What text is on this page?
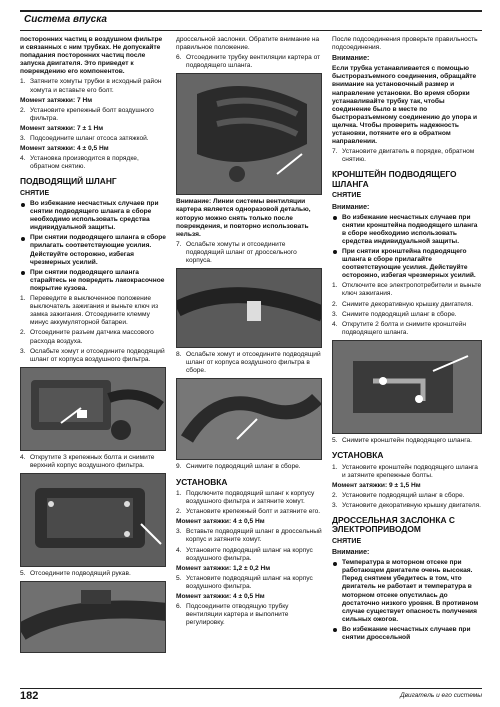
Система впуска

посторонних частиц в воздушном фильтре и связанных с ним трубках. Не допускайте попадания посторонних частиц после запуска двигателя. Это приведет к повреждению его компонентов.

1. Затяните хомуты трубки в исходный район хомута и вставьте его болт.

Момент затяжки: 7 Нм

2. Установите крепежный болт воздушного фильтра.

Момент затяжки: 7 ± 1 Нм

3. Подсоедините шланг отсоса затяжкой.

Момент затяжки: 4 ± 0,5 Нм

4. Установка производится в порядке, обратном снятию.
ПОДВОДЯЩИЙ ШЛАНГ
СНЯТИЕ
Во избежание несчастных случаев при снятии подводящего шланга в сборе необходимо использовать средства индивидуальной защиты.
При снятии подводящего шланга в сборе прилагать соответствующие усилия. Действуйте осторожно, избегая чрезмерных усилий.
При снятии подводящего шланга старайтесь не повредить лакокрасочное покрытие кузова.
1. Переведите в выключенное положение выключатель зажигания и выньте ключ из замка зажигания. Отсоедините клемму минус аккумуляторной батареи.
2. Отсоедините разъем датчика массового расхода воздуха.
3. Ослабьте хомут и отсоедините подводящий шланг от корпуса воздушного фильтра.
4. Открутите 3 крепежных болта и снимите верхний корпус воздушного фильтра.
5. Отсоедините подводящий рукав.

дроссельной заслонки. Обратите внимание на правильное положение.

6. Отсоедините трубку вентиляции картера от подводящего шланга.

Внимание: Линии системы вентиляции картера является одноразовой деталью, которую можно снять только после повреждения, и повторно использовать нельзя.

7. Ослабьте хомуты и отсоедините подводящий шланг от дроссельного корпуса.
8. Ослабьте хомут и отсоедините подводящий шланг от корпуса воздушного фильтра в сборе.
9. Снимите подводящий шланг в сборе.
УСТАНОВКА
1. Подключите подводящий шланг к корпусу воздушного фильтра и затяните хомут.
2. Установите крепежный болт и затяните его.

Момент затяжки: 4 ± 0,5 Нм

3. Вставьте подводящий шланг в дроссельный корпус и затяните хомут.
4. Установите подводящий шланг на корпус воздушного фильтра.

Момент затяжки: 1,2 ± 0,2 Нм

5. Установите подводящий шланг на корпус воздушного фильтра.

Момент затяжки: 4 ± 0,5 Нм

6. Подсоедините отводящую трубку вентиляции картера и выполните регулировку.

После подсоединения проверьте правильность подсоединения.

Внимание:

Если трубка устанавливается с помощью быстроразъемного соединения, обращайте внимание на установочный размер и направление установки. Во время сборки устанавливайте трубку так, чтобы соединение было в месте по быстроразъемному соединению до упора и щелчка. Чтобы проверить надежность установки, потяните его в обратном направлении.

7. Установите двигатель в порядке, обратном снятию.
КРОНШТЕЙН ПОДВОДЯЩЕГО ШЛАНГА
СНЯТИЕ
Внимание:
Во избежание несчастных случаев при снятии кронштейна подводящего шланга в сборе необходимо использовать средства индивидуальной защиты.
При снятии кронштейна подводящего шланга в сборе прилагайте соответствующие усилия. Действуйте осторожно, избегая чрезмерных усилий.
1. Отключите все электропотребители и выньте ключ зажигания.
2. Снимите декоративную крышку двигателя.
3. Снимите подводящий шланг в сборе.
4. Открутите 2 болта и снимите кронштейн подводящего шланга.
5. Снимите кронштейн подводящего шланга.
УСТАНОВКА
1. Установите кронштейн подводящего шланга и затяните крепежные болты.

Момент затяжки: 9 ± 1,5 Нм

2. Установите подводящий шланг в сборе.
3. Установите декоративную крышку двигателя.
ДРОССЕЛЬНАЯ ЗАСЛОНКА С ЭЛЕКТРОПРИВОДОМ
СНЯТИЕ
Внимание:
Температура в моторном отсеке при работающем двигателе очень высокая. Перед снятием убедитесь в том, что двигатель не работает и температура в моторном отсеке опустилась до достаточно низкого уровня. В противном случае существует опасность получения сильных ожогов.
Во избежание несчастных случаев при снятии дроссельной
182	Двигатель и его системы
